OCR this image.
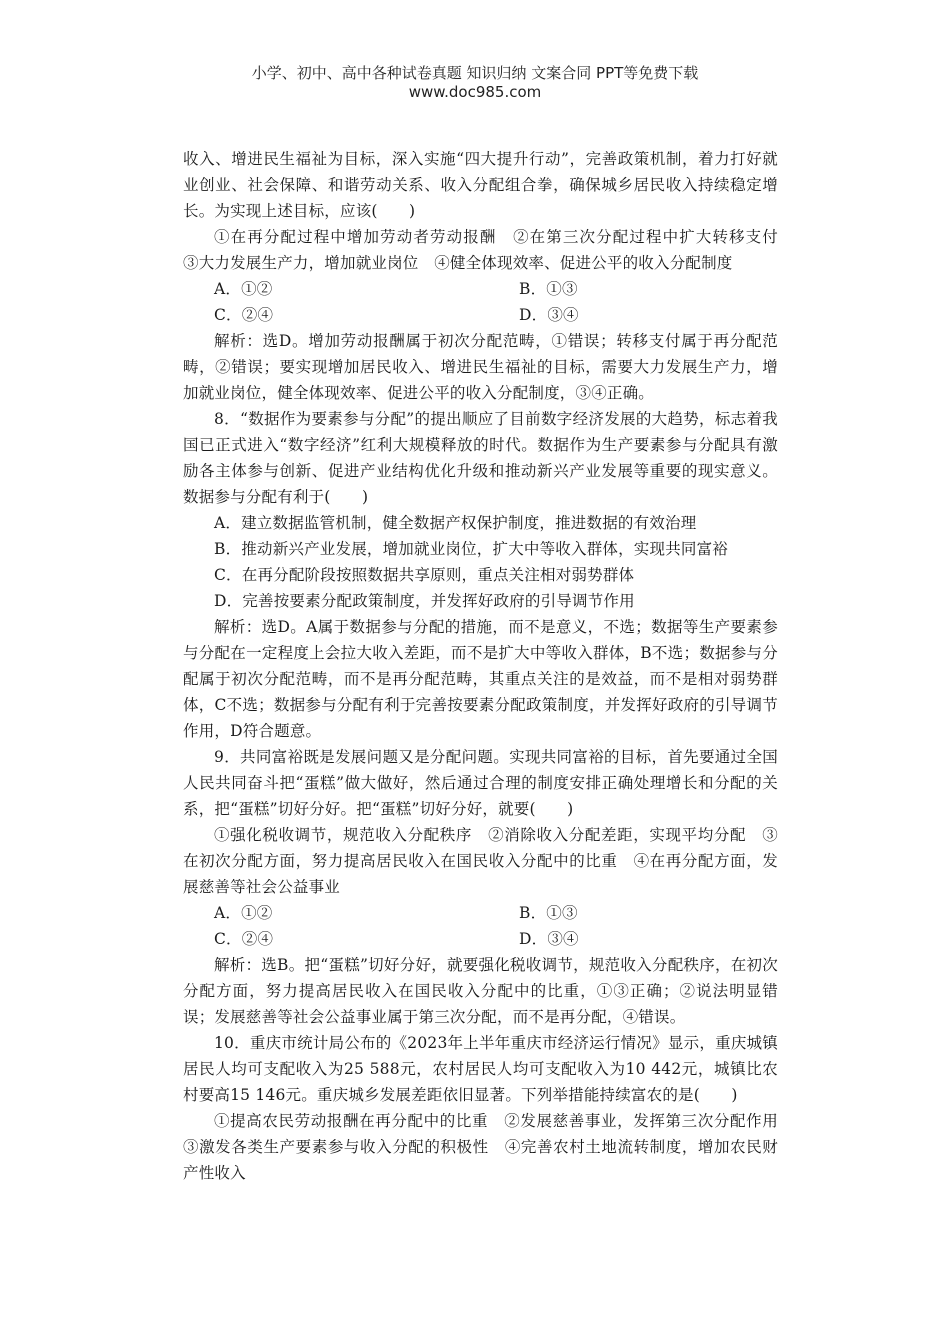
小学、初中、高中各种试卷真题 知识归纳 文案合同 PPT等免费下载
www.doc985.com

收入、增进民生福祉为目标，深入实施“四大提升行动”，完善政策机制，着力打好就业创业、社会保障、和谐劳动关系、收入分配组合拳，确保城乡居民收入持续稳定增长。为实现上述目标，应该(　　)

①在再分配过程中增加劳动者劳动报酬　②在第三次分配过程中扩大转移支付　③大力发展生产力，增加就业岗位　④健全体现效率、促进公平的收入分配制度

A．①②	B．①③
C．②④	D．③④

解析：选D。增加劳动报酬属于初次分配范畴，①错误；转移支付属于再分配范畴，②错误；要实现增加居民收入、增进民生福祉的目标，需要大力发展生产力，增加就业岗位，健全体现效率、促进公平的收入分配制度，③④正确。

8．“数据作为要素参与分配”的提出顺应了目前数字经济发展的大趋势，标志着我国已正式进入“数字经济”红利大规模释放的时代。数据作为生产要素参与分配具有激励各主体参与创新、促进产业结构优化升级和推动新兴产业发展等重要的现实意义。数据参与分配有利于(　　)

A．建立数据监管机制，健全数据产权保护制度，推进数据的有效治理

B．推动新兴产业发展，增加就业岗位，扩大中等收入群体，实现共同富裕

C．在再分配阶段按照数据共享原则，重点关注相对弱势群体

D．完善按要素分配政策制度，并发挥好政府的引导调节作用

解析：选D。A属于数据参与分配的措施，而不是意义，不选；数据等生产要素参与分配在一定程度上会拉大收入差距，而不是扩大中等收入群体，B不选；数据参与分配属于初次分配范畴，而不是再分配范畴，其重点关注的是效益，而不是相对弱势群体，C不选；数据参与分配有利于完善按要素分配政策制度，并发挥好政府的引导调节作用，D符合题意。

9．共同富裕既是发展问题又是分配问题。实现共同富裕的目标，首先要通过全国人民共同奋斗把“蛋糕”做大做好，然后通过合理的制度安排正确处理增长和分配的关系，把“蛋糕”切好分好。把“蛋糕”切好分好，就要(　　)

①强化税收调节，规范收入分配秩序　②消除收入分配差距，实现平均分配　③在初次分配方面，努力提高居民收入在国民收入分配中的比重　④在再分配方面，发展慈善等社会公益事业

A．①②	B．①③
C．②④	D．③④

解析：选B。把“蛋糕”切好分好，就要强化税收调节，规范收入分配秩序，在初次分配方面，努力提高居民收入在国民收入分配中的比重，①③正确；②说法明显错误；发展慈善等社会公益事业属于第三次分配，而不是再分配，④错误。

10．重庆市统计局公布的《2023年上半年重庆市经济运行情况》显示，重庆城镇居民人均可支配收入为25 588元，农村居民人均可支配收入为10 442元，城镇比农村要高15 146元。重庆城乡发展差距依旧显著。下列举措能持续富农的是(　　)

①提高农民劳动报酬在再分配中的比重　②发展慈善事业，发挥第三次分配作用　③激发各类生产要素参与收入分配的积极性　④完善农村土地流转制度，增加农民财产性收入
